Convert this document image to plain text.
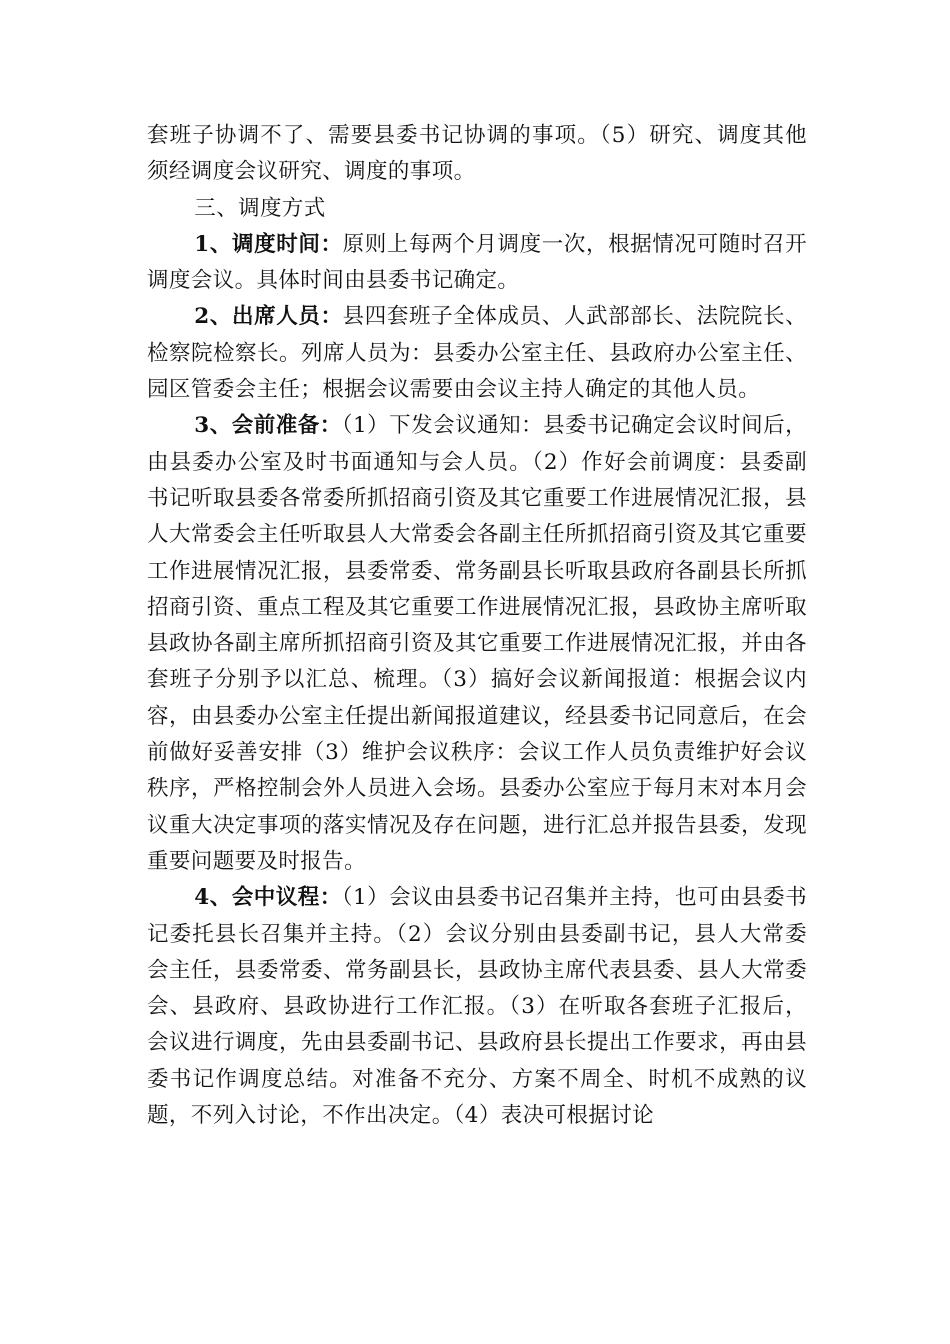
套班子协调不了、需要县委书记协调的事项。（5）研究、调度其他须经调度会议研究、调度的事项。

三、调度方式

1、调度时间：原则上每两个月调度一次，根据情况可随时召开调度会议。具体时间由县委书记确定。

2、出席人员：县四套班子全体成员、人武部部长、法院院长、检察院检察长。列席人员为：县委办公室主任、县政府办公室主任、园区管委会主任；根据会议需要由会议主持人确定的其他人员。

3、会前准备：（1）下发会议通知：县委书记确定会议时间后，由县委办公室及时书面通知与会人员。（2）作好会前调度：县委副书记听取县委各常委所抓招商引资及其它重要工作进展情况汇报，县人大常委会主任听取县人大常委会各副主任所抓招商引资及其它重要工作进展情况汇报，县委常委、常务副县长听取县政府各副县长所抓招商引资、重点工程及其它重要工作进展情况汇报，县政协主席听取县政协各副主席所抓招商引资及其它重要工作进展情况汇报，并由各套班子分别予以汇总、梳理。（3）搞好会议新闻报道：根据会议内容，由县委办公室主任提出新闻报道建议，经县委书记同意后，在会前做好妥善安排（3）维护会议秩序：会议工作人员负责维护好会议秩序，严格控制会外人员进入会场。县委办公室应于每月末对本月会议重大决定事项的落实情况及存在问题，进行汇总并报告县委，发现重要问题要及时报告。

4、会中议程：（1）会议由县委书记召集并主持，也可由县委书记委托县长召集并主持。（2）会议分别由县委副书记，县人大常委会主任，县委常委、常务副县长，县政协主席代表县委、县人大常委会、县政府、县政协进行工作汇报。（3）在听取各套班子汇报后，会议进行调度，先由县委副书记、县政府县长提出工作要求，再由县委书记作调度总结。对准备不充分、方案不周全、时机不成熟的议题，不列入讨论，不作出决定。（4）表决可根据讨论
